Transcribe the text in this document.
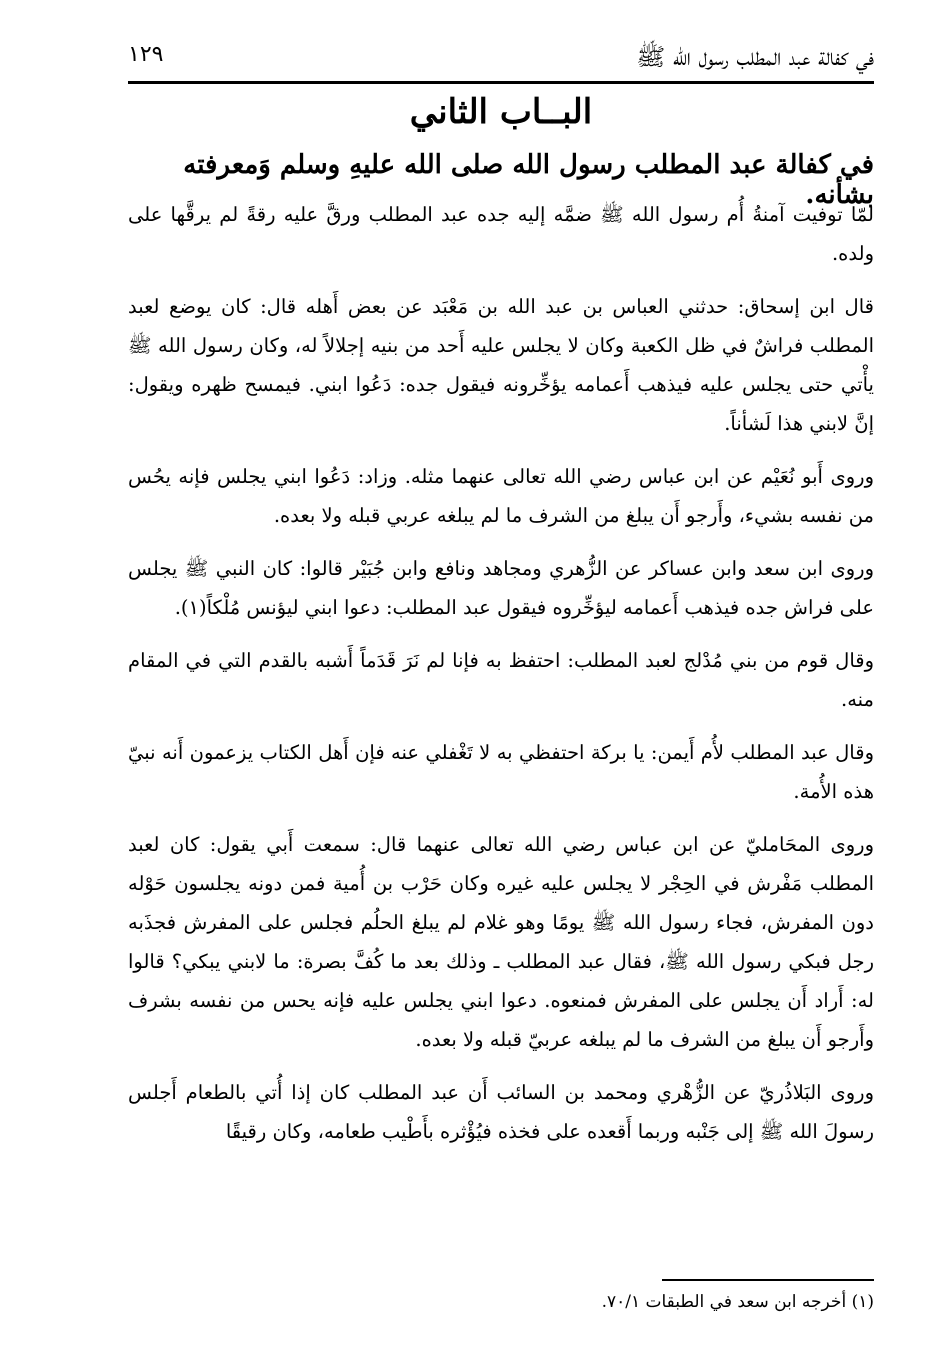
في كفالة عبد المطلب رسول الله ﷺ
١٢٩
البــاب الثاني
في كفالة عبد المطلب رسول الله صلى الله عليهِ وسلم وَمعرفته بشأنه.

لمّا توفيت آمنةُ أُم رسول الله ﷺ ضمَّه إليه جده عبد المطلب ورقَّ عليه رقةً لم يرقَّها على ولده.

قال ابن إسحاق: حدثني العباس بن عبد الله بن مَعْبَد عن بعض أَهله قال: كان يوضع لعبد المطلب فراشٌ في ظل الكعبة وكان لا يجلس عليه أَحد من بنيه إجلالاً له، وكان رسول الله ﷺ يأْتي حتى يجلس عليه فيذهب أَعمامه يؤخِّرونه فيقول جده: دَعُوا ابني. فيمسح ظهره ويقول: إنَّ لابني هذا لَشأناً.

وروى أَبو نُعَيْم عن ابن عباس رضي الله تعالى عنهما مثله. وزاد: دَعُوا ابني يجلس فإنه يحُس من نفسه بشيء، وأَرجو أَن يبلغ من الشرف ما لم يبلغه عربي قبله ولا بعده.

وروى ابن سعد وابن عساكر عن الزُّهري ومجاهد ونافع وابن جُبَيْر قالوا: كان النبي ﷺ يجلس على فراش جده فيذهب أَعمامه ليؤخِّروه فيقول عبد المطلب: دعوا ابني ليؤنس مُلْكاً(١).

وقال قوم من بني مُدْلج لعبد المطلب: احتفظ به فإنا لم نَرَ قَدَماً أَشبه بالقدم التي في المقام منه.

وقال عبد المطلب لأُم أَيمن: يا بركة احتفظي به لا تَغْفلي عنه فإن أَهل الكتاب يزعمون أَنه نبيّ هذه الأُمة.

وروى المحَامليّ عن ابن عباس رضي الله تعالى عنهما قال: سمعت أَبي يقول: كان لعبد المطلب مَفْرش في الحِجْر لا يجلس عليه غيره وكان حَرْب بن أُمية فمن دونه يجلسون حَوْله دون المفرش، فجاء رسول الله ﷺ يومًا وهو غلام لم يبلغ الحلُم فجلس على المفرش فجذَبه رجل فبكي رسول الله ﷺ، فقال عبد المطلب ـ وذلك بعد ما كُفَّ بصرة: ما لابني يبكي؟ قالوا له: أَراد أَن يجلس على المفرش فمنعوه. دعوا ابني يجلس عليه فإنه يحس من نفسه بشرف وأَرجو أَن يبلغ من الشرف ما لم يبلغه عربيّ قبله ولا بعده.

وروى البَلاذُريّ عن الزُّهْري ومحمد بن السائب أَن عبد المطلب كان إذا أُتي بالطعام أَجلس رسولَ الله ﷺ إلى جَنْبه وربما أَقعده على فخذه فيُؤْثره بأَطْيب طعامه، وكان رقيقًا

(١) أخرجه ابن سعد في الطبقات ٧٠/١.
